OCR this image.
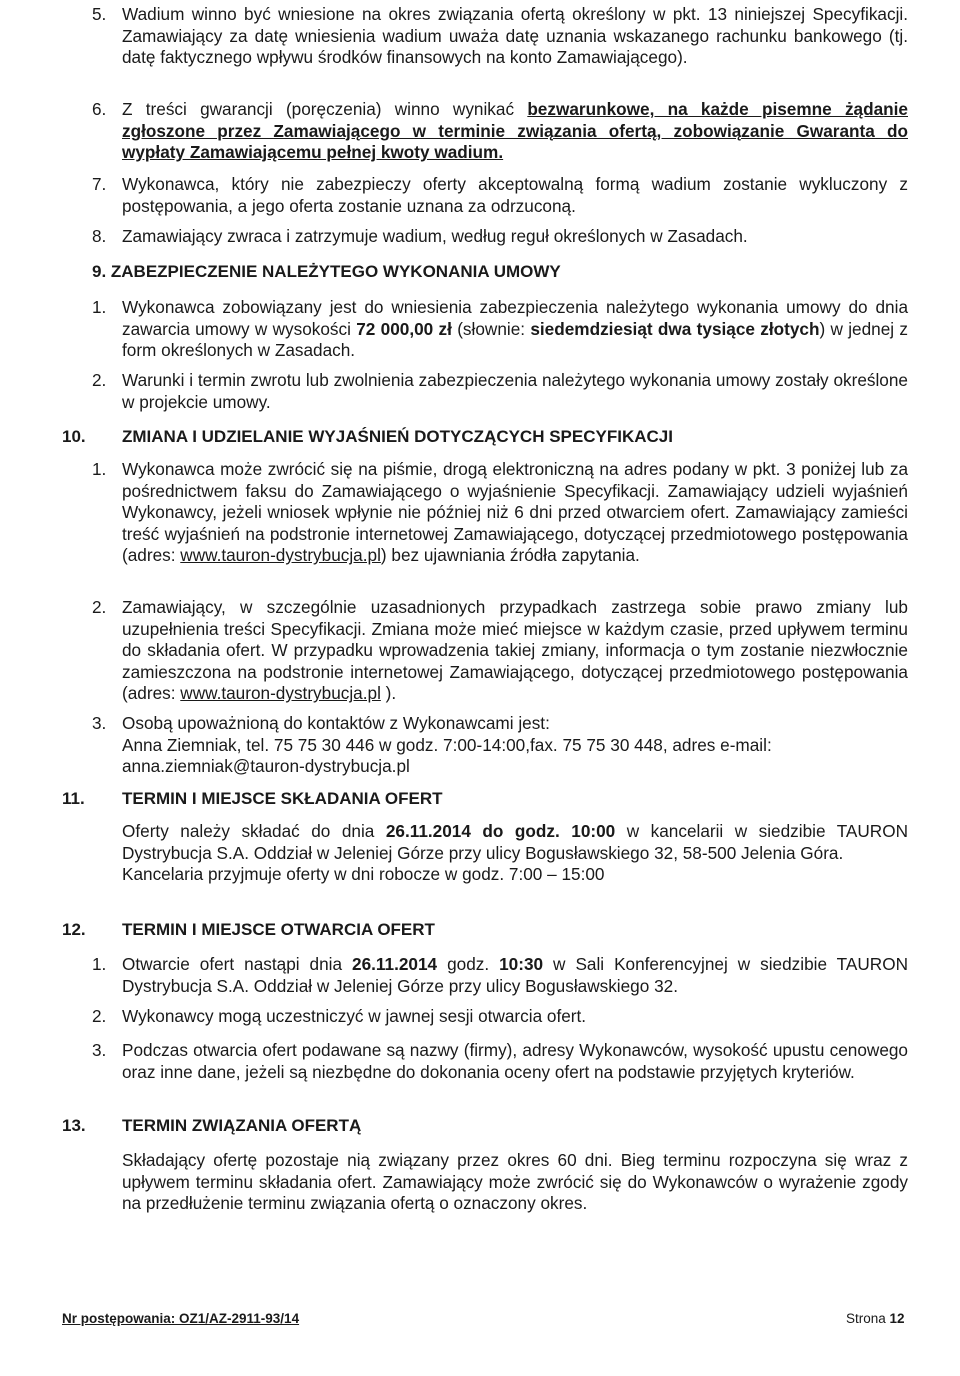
5. Wadium winno być wniesione na okres związania ofertą określony w pkt. 13 niniejszej Specyfikacji. Zamawiający za datę wniesienia wadium uważa datę uznania wskazanego rachunku bankowego (tj. datę faktycznego wpływu środków finansowych na konto Zamawiającego).

6. Z treści gwarancji (poręczenia) winno wynikać bezwarunkowe, na każde pisemne żądanie zgłoszone przez Zamawiającego w terminie związania ofertą, zobowiązanie Gwaranta do wypłaty Zamawiającemu pełnej kwoty wadium.

7. Wykonawca, który nie zabezpieczy oferty akceptowalną formą wadium zostanie wykluczony z postępowania, a jego oferta zostanie uznana za odrzuconą.

8. Zamawiający zwraca i zatrzymuje wadium, według reguł określonych w Zasadach.

9. ZABEZPIECZENIE NALEŻYTEGO WYKONANIA UMOWY
1. Wykonawca zobowiązany jest do wniesienia zabezpieczenia należytego wykonania umowy do dnia zawarcia umowy w wysokości 72 000,00 zł (słownie: siedemdziesiąt dwa tysiące złotych) w jednej z form określonych w Zasadach.

2. Warunki i termin zwrotu lub zwolnienia zabezpieczenia należytego wykonania umowy zostały określone w projekcie umowy.

10. ZMIANA I UDZIELANIE WYJAŚNIEŃ DOTYCZĄCYCH SPECYFIKACJI
1. Wykonawca może zwrócić się na piśmie, drogą elektroniczną na adres podany w pkt. 3 poniżej lub za pośrednictwem faksu do Zamawiającego o wyjaśnienie Specyfikacji. Zamawiający udzieli wyjaśnień Wykonawcy, jeżeli wniosek wpłynie nie później niż 6 dni przed otwarciem ofert. Zamawiający zamieści treść wyjaśnień na podstronie internetowej Zamawiającego, dotyczącej przedmiotowego postępowania (adres: www.tauron-dystrybucja.pl) bez ujawniania źródła zapytania.

2. Zamawiający, w szczególnie uzasadnionych przypadkach zastrzega sobie prawo zmiany lub uzupełnienia treści Specyfikacji. Zmiana może mieć miejsce w każdym czasie, przed upływem terminu do składania ofert. W przypadku wprowadzenia takiej zmiany, informacja o tym zostanie niezwłocznie zamieszczona na podstronie internetowej Zamawiającego, dotyczącej przedmiotowego postępowania (adres: www.tauron-dystrybucja.pl ).

3. Osobą upoważnioną do kontaktów z Wykonawcami jest:

Anna Ziemniak, tel. 75 75 30 446 w godz. 7:00-14:00,fax. 75 75 30 448, adres e-mail:

anna.ziemniak@tauron-dystrybucja.pl

11. TERMIN I MIEJSCE SKŁADANIA OFERT

Oferty należy składać do dnia 26.11.2014 do godz. 10:00 w kancelarii w siedzibie TAURON Dystrybucja S.A. Oddział w Jeleniej Górze przy ulicy Bogusławskiego 32, 58-500 Jelenia Góra.

Kancelaria przyjmuje oferty w dni robocze w godz. 7:00 – 15:00

12. TERMIN I MIEJSCE OTWARCIA OFERT
1. Otwarcie ofert nastąpi dnia 26.11.2014 godz. 10:30 w Sali Konferencyjnej w siedzibie TAURON Dystrybucja S.A. Oddział w Jeleniej Górze przy ulicy Bogusławskiego 32.

2. Wykonawcy mogą uczestniczyć w jawnej sesji otwarcia ofert.

3. Podczas otwarcia ofert podawane są nazwy (firmy), adresy Wykonawców, wysokość upustu cenowego oraz inne dane, jeżeli są niezbędne do dokonania oceny ofert na podstawie przyjętych kryteriów.

13. TERMIN ZWIĄZANIA OFERTĄ

Składający ofertę pozostaje nią związany przez okres 60 dni. Bieg terminu rozpoczyna się wraz z upływem terminu składania ofert. Zamawiający może zwrócić się do Wykonawców o wyrażenie zgody na przedłużenie terminu związania ofertą o oznaczony okres.

Nr postępowania: OZ1/AZ-2911-93/14	Strona 12
